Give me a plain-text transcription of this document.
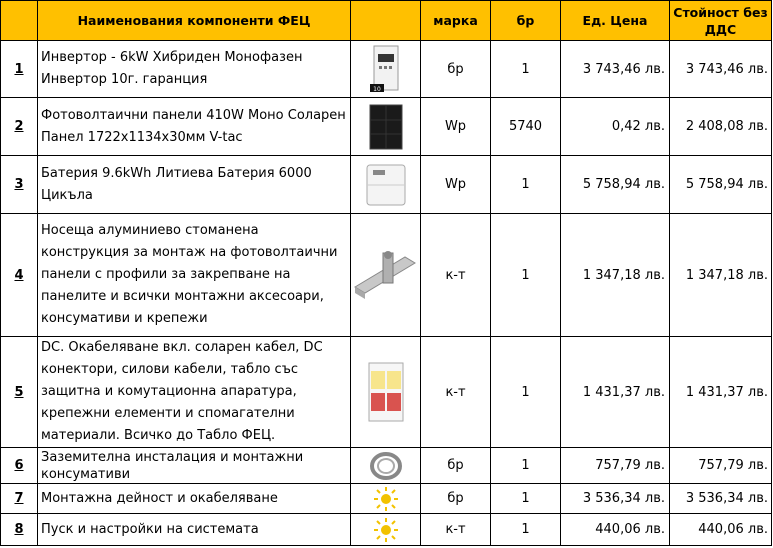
	Наименования компоненти ФЕЦ		марка	бр	Ед. Цена	Стойност без ДДС
1	Инвертор - 6kW Хибриден Монофазен Инвертор 10г. гаранция	10	бр	1	3 743,46 лв.	3 743,46 лв.
2	Фотоволтаични панели 410W Моно Соларен Панел 1722x1134x30мм V-tac		Wp	5740	0,42 лв.	2 408,08 лв.
3	Батерия 9.6kWh Литиева Батерия 6000 Цикъла		Wp	1	5 758,94 лв.	5 758,94 лв.
4	Носеща алуминиево стоманена конструкция за монтаж на фотоволтаични панели с профили за закрепване на панелите и всички монтажни аксесоари, консумативи и крепежи		к-т	1	1 347,18 лв.	1 347,18 лв.
5	DC. Окабеляване вкл. соларен кабел, DC конектори, силови кабели, табло със защитна и комутационна апаратура, крепежни елементи и спомагателни материали. Всичко до Табло ФЕЦ.		к-т	1	1 431,37 лв.	1 431,37 лв.
6	Заземителна инсталация и монтажни консумативи		бр	1	757,79 лв.	757,79 лв.
7	Монтажна дейност и окабеляване		бр	1	3 536,34 лв.	3 536,34 лв.
8	Пуск и настройки на системата		к-т	1	440,06 лв.	440,06 лв.
